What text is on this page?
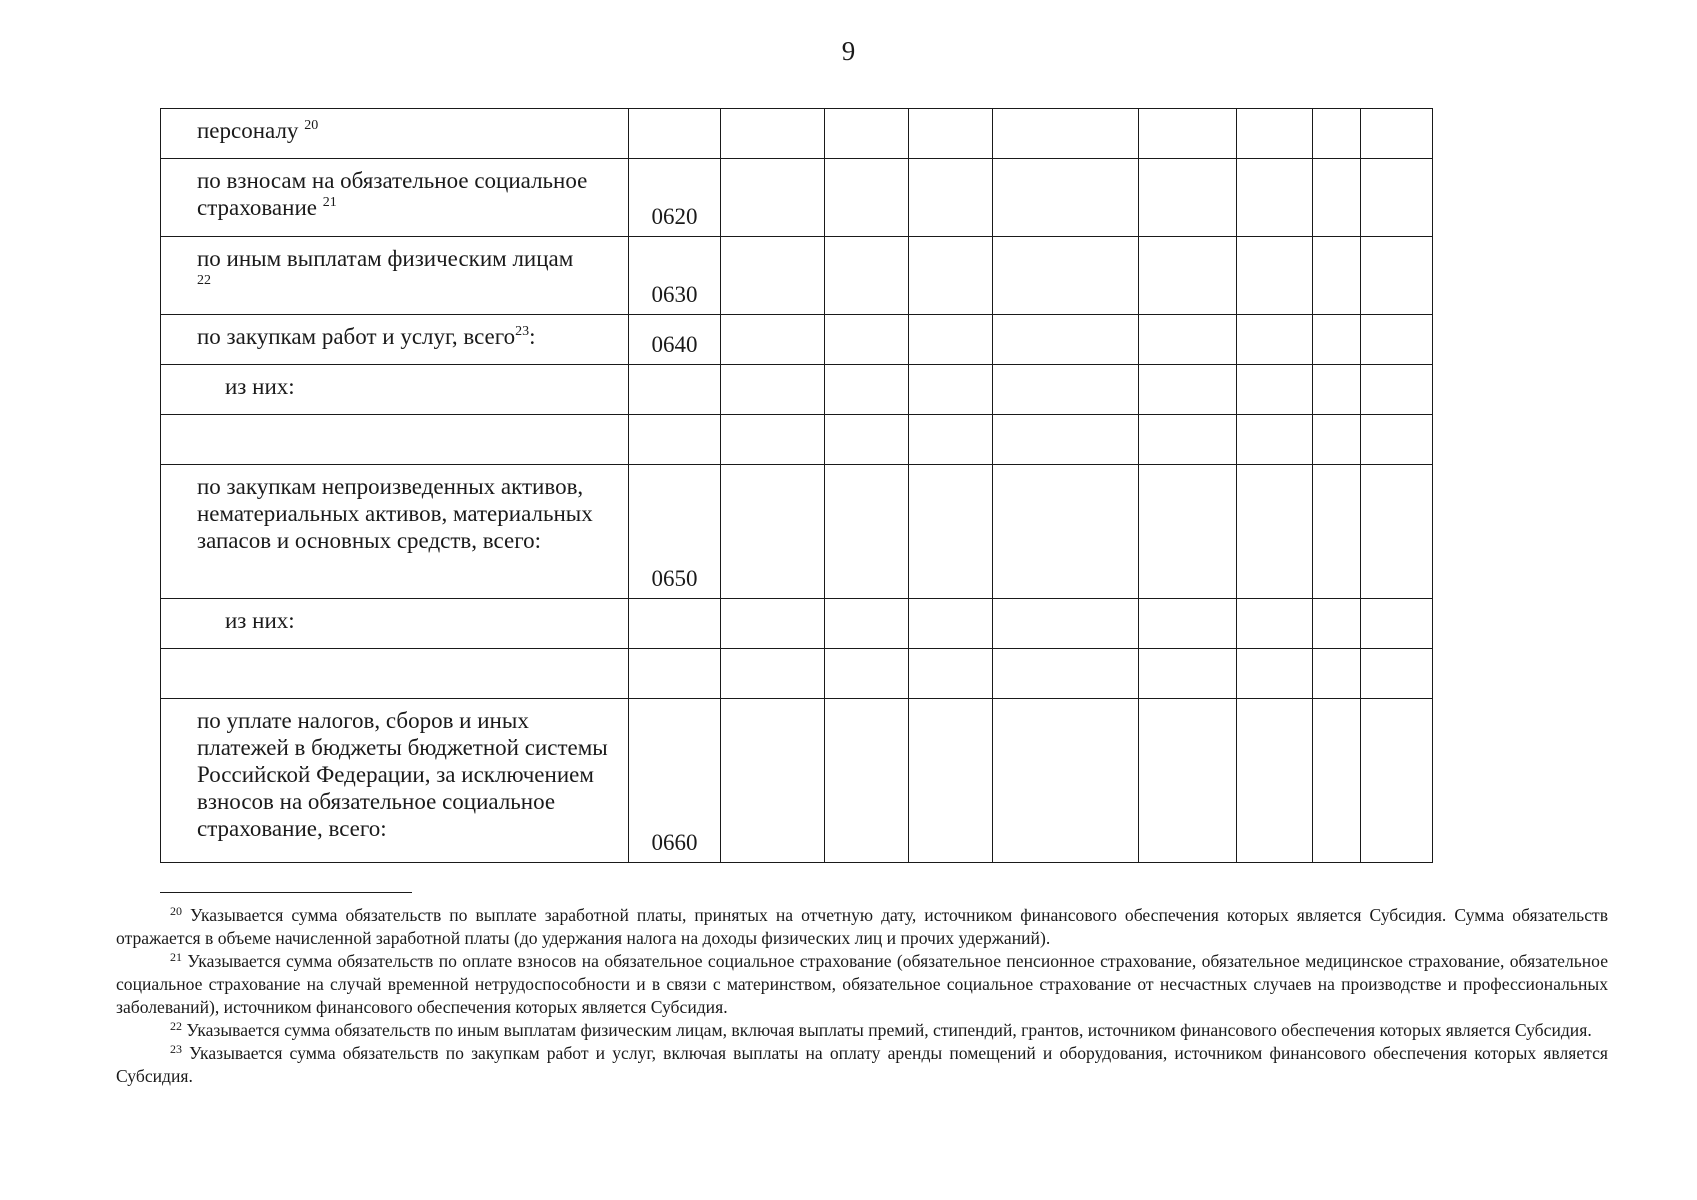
9
персоналу $^{20}$									
по взносам на обязательное социальное страхование $^{21}$	0620								
по иным выплатам физическим лицам
22	0630								
по закупкам работ и услуг, всего$^{23}$:	0640								
из них:									

по закупкам непроизведенных активов, нематериальных активов, материальных запасов и основных средств, всего:	0650								
из них:									

по уплате налогов, сборов и иных платежей в бюджеты бюджетной системы Российской Федерации, за исключением взносов на обязательное социальное страхование, всего:	0660								

$^{20}$ Указывается сумма обязательств по выплате заработной платы, принятых на отчетную дату, источником финансового обеспечения которых является Субсидия. Сумма обязательств отражается в объеме начисленной заработной платы (до удержания налога на доходы физических лиц и прочих удержаний).

$^{21}$ Указывается сумма обязательств по оплате взносов на обязательное социальное страхование (обязательное пенсионное страхование, обязательное медицинское страхование, обязательное социальное страхование на случай временной нетрудоспособности и в связи с материнством, обязательное социальное страхование от несчастных случаев на производстве и профессиональных заболеваний), источником финансового обеспечения которых является Субсидия.

$^{22}$ Указывается сумма обязательств по иным выплатам физическим лицам, включая выплаты премий, стипендий, грантов, источником финансового обеспечения которых является Субсидия.

$^{23}$ Указывается сумма обязательств по закупкам работ и услуг, включая выплаты на оплату аренды помещений и оборудования, источником финансового обеспечения которых является Субсидия.
